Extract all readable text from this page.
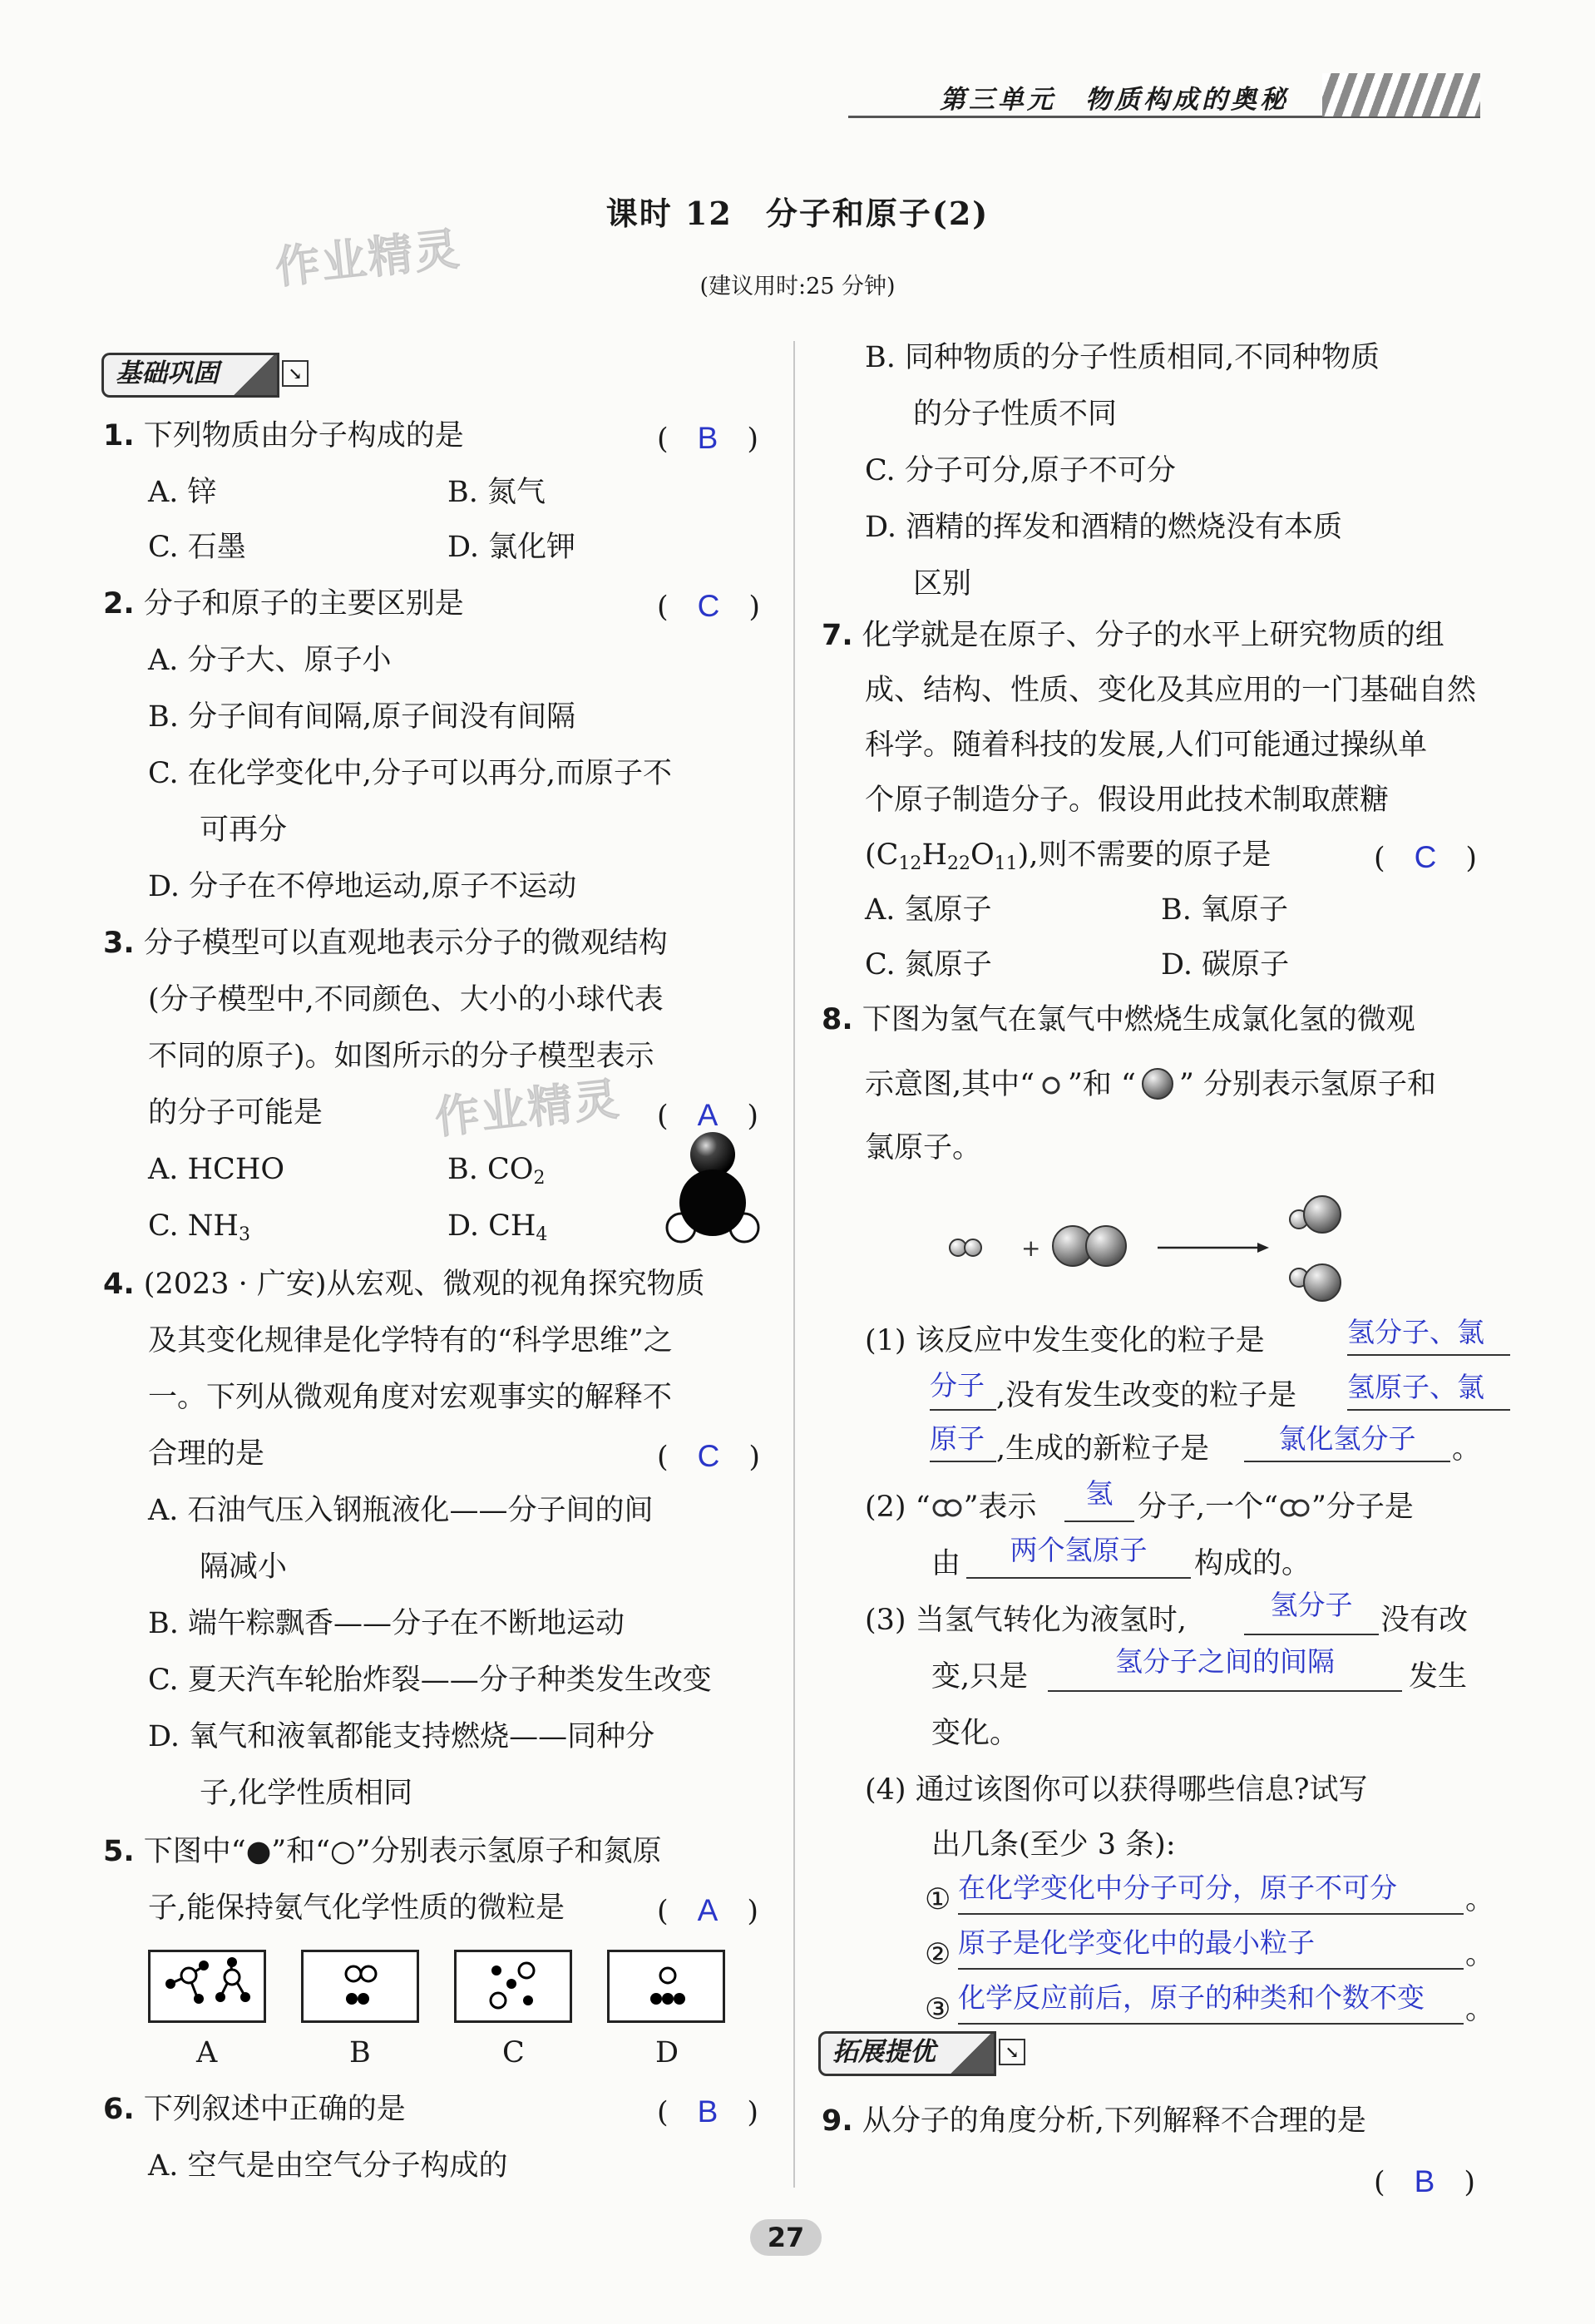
第三单元　物质构成的奥秘
课时 12　分子和原子(2)
(建议用时:25 分钟)
作业精灵
作业精灵
基础巩固	↘
1. 下列物质由分子构成的是	(　B　)
A. 锌	B. 氮气
C. 石墨	D. 氯化钾
2. 分子和原子的主要区别是	(　C　)
A. 分子大、原子小
B. 分子间有间隔,原子间没有间隔
C. 在化学变化中,分子可以再分,而原子不
可再分
D. 分子在不停地运动,原子不运动
3. 分子模型可以直观地表示分子的微观结构
(分子模型中,不同颜色、大小的小球代表
不同的原子)。如图所示的分子模型表示
的分子可能是	(　A　)
A. HCHO	B. $CO_2$
C. $NH_3$	D. $CH_4$
4. (2023 · 广安)从宏观、微观的视角探究物质
及其变化规律是化学特有的“科学思维”之
一。下列从微观角度对宏观事实的解释不
合理的是	(　C　)
A. 石油气压入钢瓶液化——分子间的间
隔减小
B. 端午粽飘香——分子在不断地运动
C. 夏天汽车轮胎炸裂——分子种类发生改变
D. 氧气和液氧都能支持燃烧——同种分
子,化学性质相同
5. 下图中“●”和“○”分别表示氢原子和氮原
子,能保持氨气化学性质的微粒是	(　A　)
A	B	C	D
6. 下列叙述中正确的是	(　B　)
A. 空气是由空气分子构成的
B. 同种物质的分子性质相同,不同种物质
的分子性质不同
C. 分子可分,原子不可分
D. 酒精的挥发和酒精的燃烧没有本质
区别
7. 化学就是在原子、分子的水平上研究物质的组
成、结构、性质、变化及其应用的一门基础自然
科学。随着科技的发展,人们可能通过操纵单
个原子制造分子。假设用此技术制取蔗糖
$(C_{12}H_{22}O_{11})$,则不需要的原子是	(　C　)
A. 氢原子	B. 氧原子
C. 氮原子	D. 碳原子
8. 下图为氢气在氯气中燃烧生成氯化氢的微观
示意图,其中“ ”和 “ ” 分别表示氢原子和
氯原子。
+
(1) 该反应中发生变化的粒子是	氢分子、氯
分子 ,没有发生改变的粒子是 氢原子、氯
原子 ,生成的新粒子是	氯化氢分子	。
(2) “ ”表示	氢 分子,一个“ ”分子是
由	两个氢原子	构成的。
(3) 当氢气转化为液氢时,	氢分子 没有改
变,只是	氢分子之间的间隔	发生
变化。
(4) 通过该图你可以获得哪些信息?试写
出几条(至少 3 条):
① 在化学变化中分子可分，原子不可分	。
② 原子是化学变化中的最小粒子	。
③ 化学反应前后，原子的种类和个数不变	。
拓展提优	↘
9. 从分子的角度分析,下列解释不合理的是
(　B　)
27
